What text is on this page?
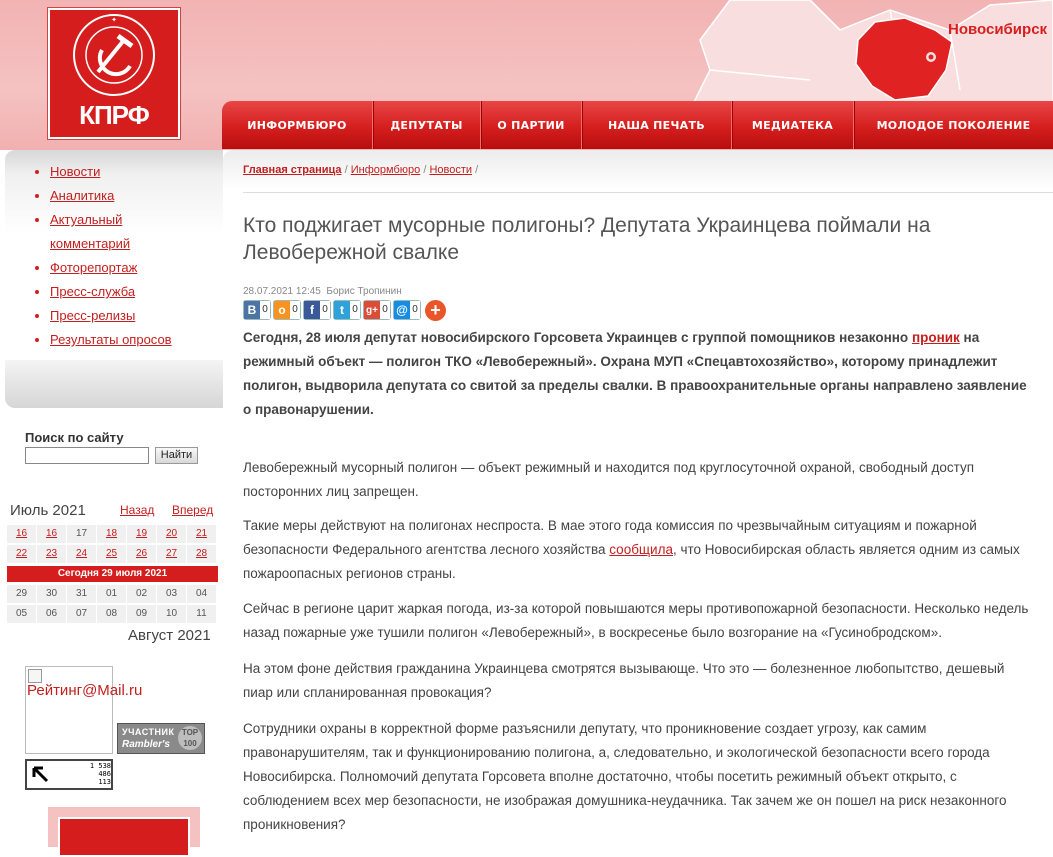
Новосибирск
✦
КПРФ	ИНФОРМБЮРО	ДЕПУТАТЫ	О ПАРТИИ	НАША ПЕЧАТЬ	МЕДИАТЕКА	МОЛОДОЕ ПОКОЛЕНИЕ
• Новости
• Аналитика
• Актуальный комментарий
• Фоторепортаж
• Пресс-служба
• Пресс-релизы
• Результаты опросов
Поиск по сайту
Найти
Июль 2021	Назад Вперед
16	16	17	18	19	20	21
22	23	24	25	26	27	28
Сегодня 29 июля 2021
29	30	31	01	02	03	04
05	06	07	08	09	10	11
Август 2021
Рейтинг@Mail.ru
УЧАСТНИК
Rambler's
TOP 100
1 538
486
113
Главная страница / Информбюро / Новости /
Кто поджигает мусорные полигоны? Депутата Украинцева поймали на Левобережной свалке
28.07.2021 12:45 Борис Тропинин
В 0 о 0	f 0	t 0 g+ 0 @ 0 +

Сегодня, 28 июля депутат новосибирского Горсовета Украинцев с группой помощников незаконно проник на режимный объект — полигон ТКО «Левобережный». Охрана МУП «Спецавтохозяйство», которому принадлежит полигон, выдворила депутата со свитой за пределы свалки. В правоохранительные органы направлено заявление о правонарушении.

Левобережный мусорный полигон — объект режимный и находится под круглосуточной охраной, свободный доступ посторонних лиц запрещен.

Такие меры действуют на полигонах неспроста. В мае этого года комиссия по чрезвычайным ситуациям и пожарной безопасности Федерального агентства лесного хозяйства сообщила, что Новосибирская область является одним из самых пожароопасных регионов страны.

Сейчас в регионе царит жаркая погода, из-за которой повышаются меры противопожарной безопасности. Несколько недель назад пожарные уже тушили полигон «Левобережный», в воскресенье было возгорание на «Гусинобродском».

На этом фоне действия гражданина Украинцева смотрятся вызывающе. Что это — болезненное любопытство, дешевый пиар или спланированная провокация?

Сотрудники охраны в корректной форме разъяснили депутату, что проникновение создает угрозу, как самим правонарушителям, так и функционированию полигона, а, следовательно, и экологической безопасности всего города Новосибирска. Полномочий депутата Горсовета вполне достаточно, чтобы посетить режимный объект открыто, с соблюдением всех мер безопасности, не изображая домушника-неудачника. Так зачем же он пошел на риск незаконного проникновения?
